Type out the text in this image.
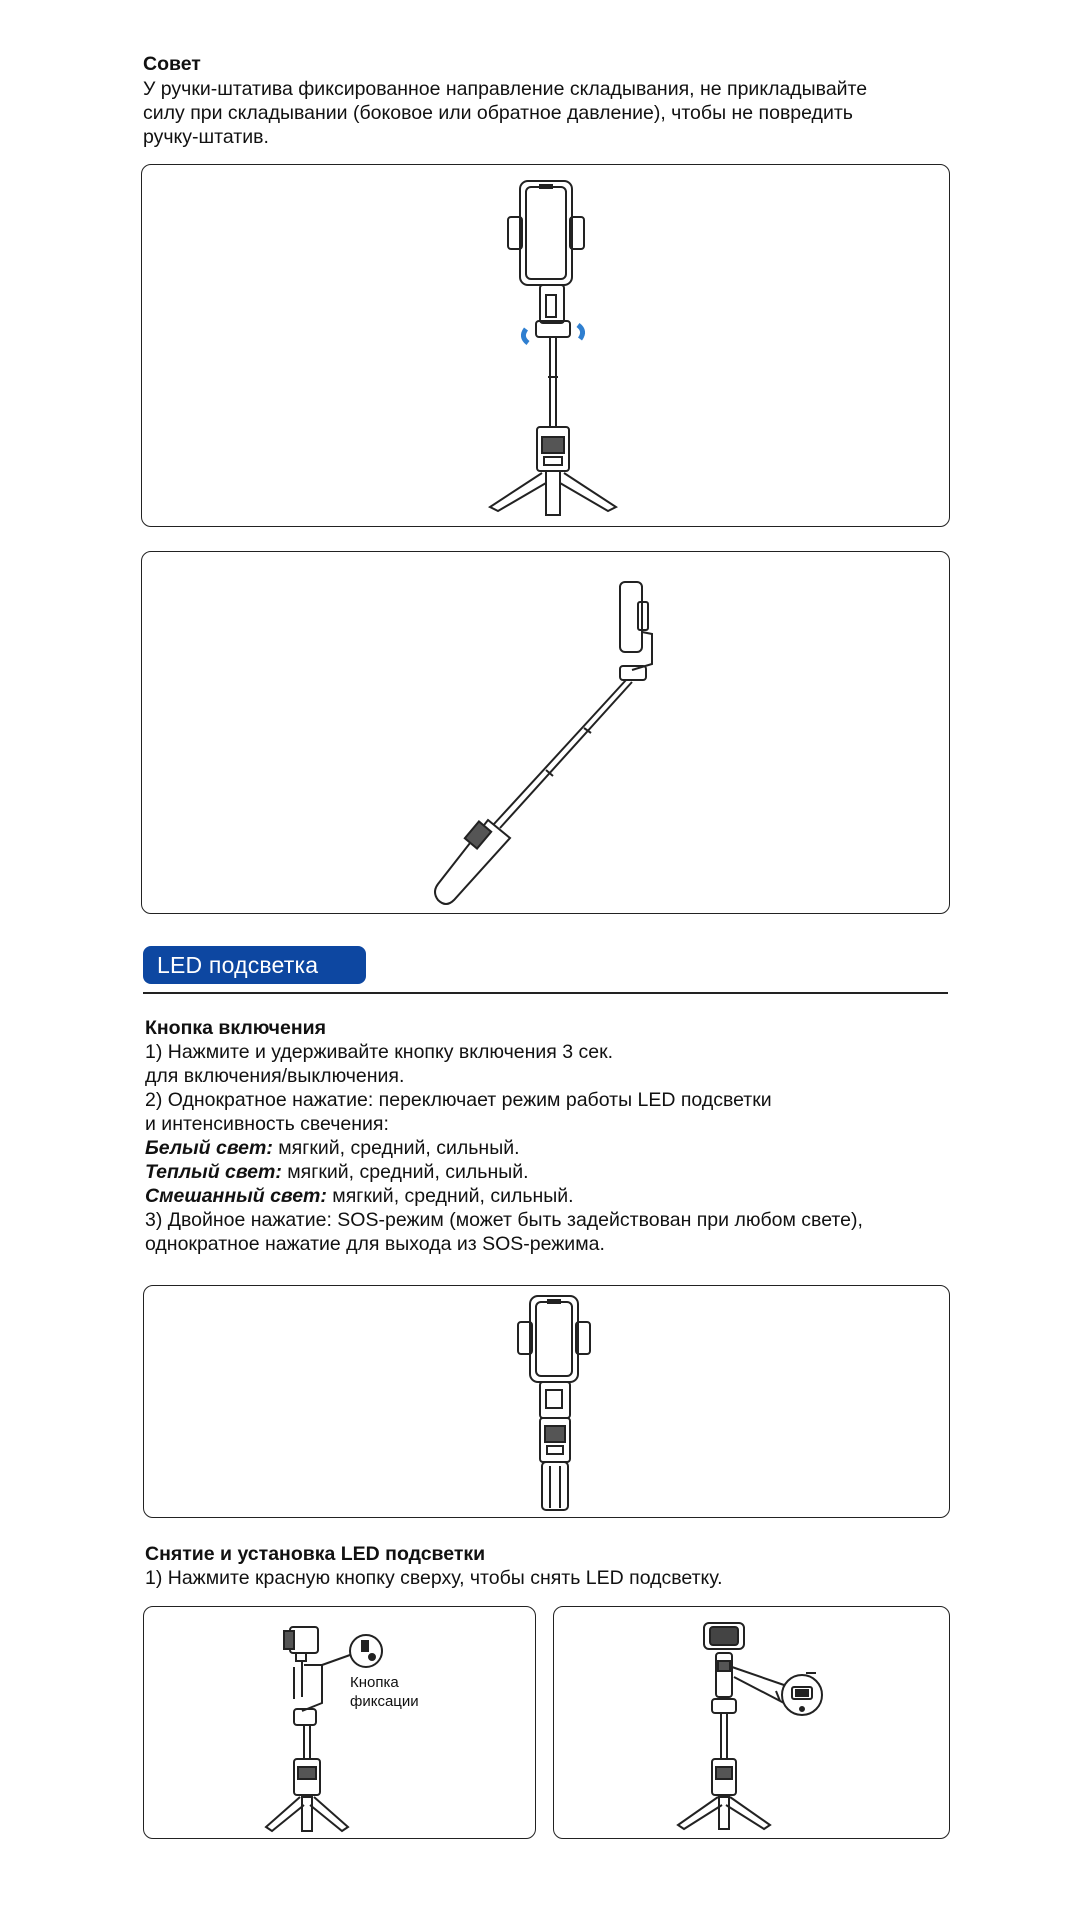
Совет
У ручки-штатива фиксированное направление складывания, не прикладывайте
силу при складывании (боковое или обратное давление), чтобы не повредить
ручку-штатив.
LED подсветка
Кнопка включения
1) Нажмите и удерживайте кнопку включения 3 сек.
для включения/выключения.
2) Однократное нажатие: переключает режим работы LED подсветки
и интенсивность свечения:
Белый свет: мягкий, средний, сильный.
Теплый свет: мягкий, средний, сильный.
Смешанный свет: мягкий, средний, сильный.
3) Двойное нажатие: SOS-режим (может быть задействован при любом свете),
однократное нажатие для выхода из SOS-режима.
Снятие и установка LED подсветки
1) Нажмите красную кнопку сверху, чтобы снять LED подсветку.
Кнопка
фиксации
